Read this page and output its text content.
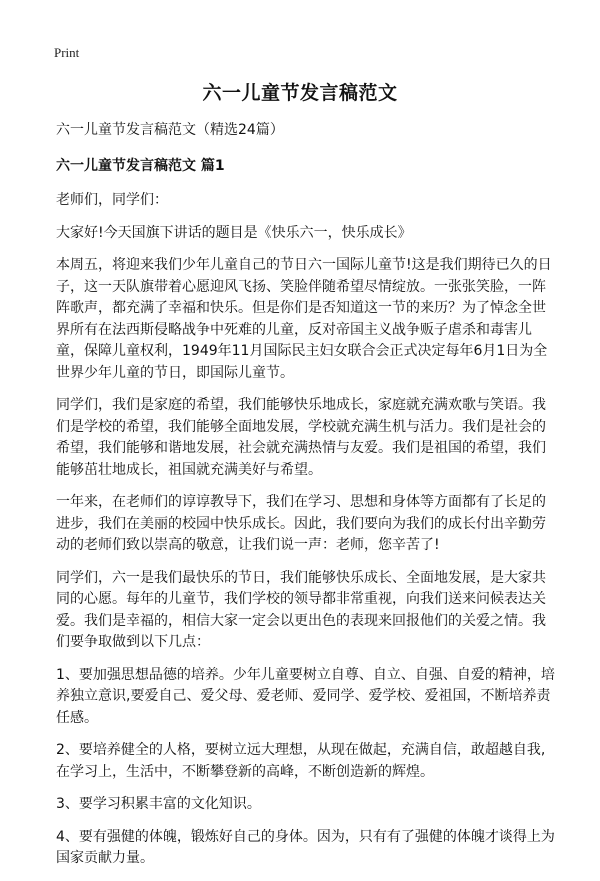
Print
六一儿童节发言稿范文

六一儿童节发言稿范文（精选24篇）

六一儿童节发言稿范文 篇1

老师们，同学们：

大家好!今天国旗下讲话的题目是《快乐六一，快乐成长》

本周五，将迎来我们少年儿童自己的节日六一国际儿童节!这是我们期待已久的日子，这一天队旗带着心愿迎风飞扬、笑脸伴随希望尽情绽放。一张张笑脸，一阵阵歌声，都充满了幸福和快乐。但是你们是否知道这一节的来历？为了悼念全世界所有在法西斯侵略战争中死难的儿童，反对帝国主义战争贩子虐杀和毒害儿童，保障儿童权利，1949年11月国际民主妇女联合会正式决定每年6月1日为全世界少年儿童的节日，即国际儿童节。

同学们，我们是家庭的希望，我们能够快乐地成长，家庭就充满欢歌与笑语。我们是学校的希望，我们能够全面地发展，学校就充满生机与活力。我们是社会的希望，我们能够和谐地发展，社会就充满热情与友爱。我们是祖国的希望，我们能够茁壮地成长，祖国就充满美好与希望。

一年来，在老师们的谆谆教导下，我们在学习、思想和身体等方面都有了长足的进步，我们在美丽的校园中快乐成长。因此，我们要向为我们的成长付出辛勤劳动的老师们致以崇高的敬意，让我们说一声：老师，您辛苦了!

同学们，六一是我们最快乐的节日，我们能够快乐成长、全面地发展，是大家共同的心愿。每年的儿童节，我们学校的领导都非常重视，向我们送来问候表达关爱。我们是幸福的，相信大家一定会以更出色的表现来回报他们的关爱之情。我们要争取做到以下几点：

1、要加强思想品德的培养。少年儿童要树立自尊、自立、自强、自爱的精神，培养独立意识,要爱自己、爱父母、爱老师、爱同学、爱学校、爱祖国，不断培养责任感。

2、要培养健全的人格，要树立远大理想，从现在做起，充满自信，敢超越自我,在学习上，生活中，不断攀登新的高峰，不断创造新的辉煌。

3、要学习积累丰富的文化知识。

4、要有强健的体魄，锻炼好自己的身体。因为，只有有了强健的体魄才谈得上为国家贡献力量。
